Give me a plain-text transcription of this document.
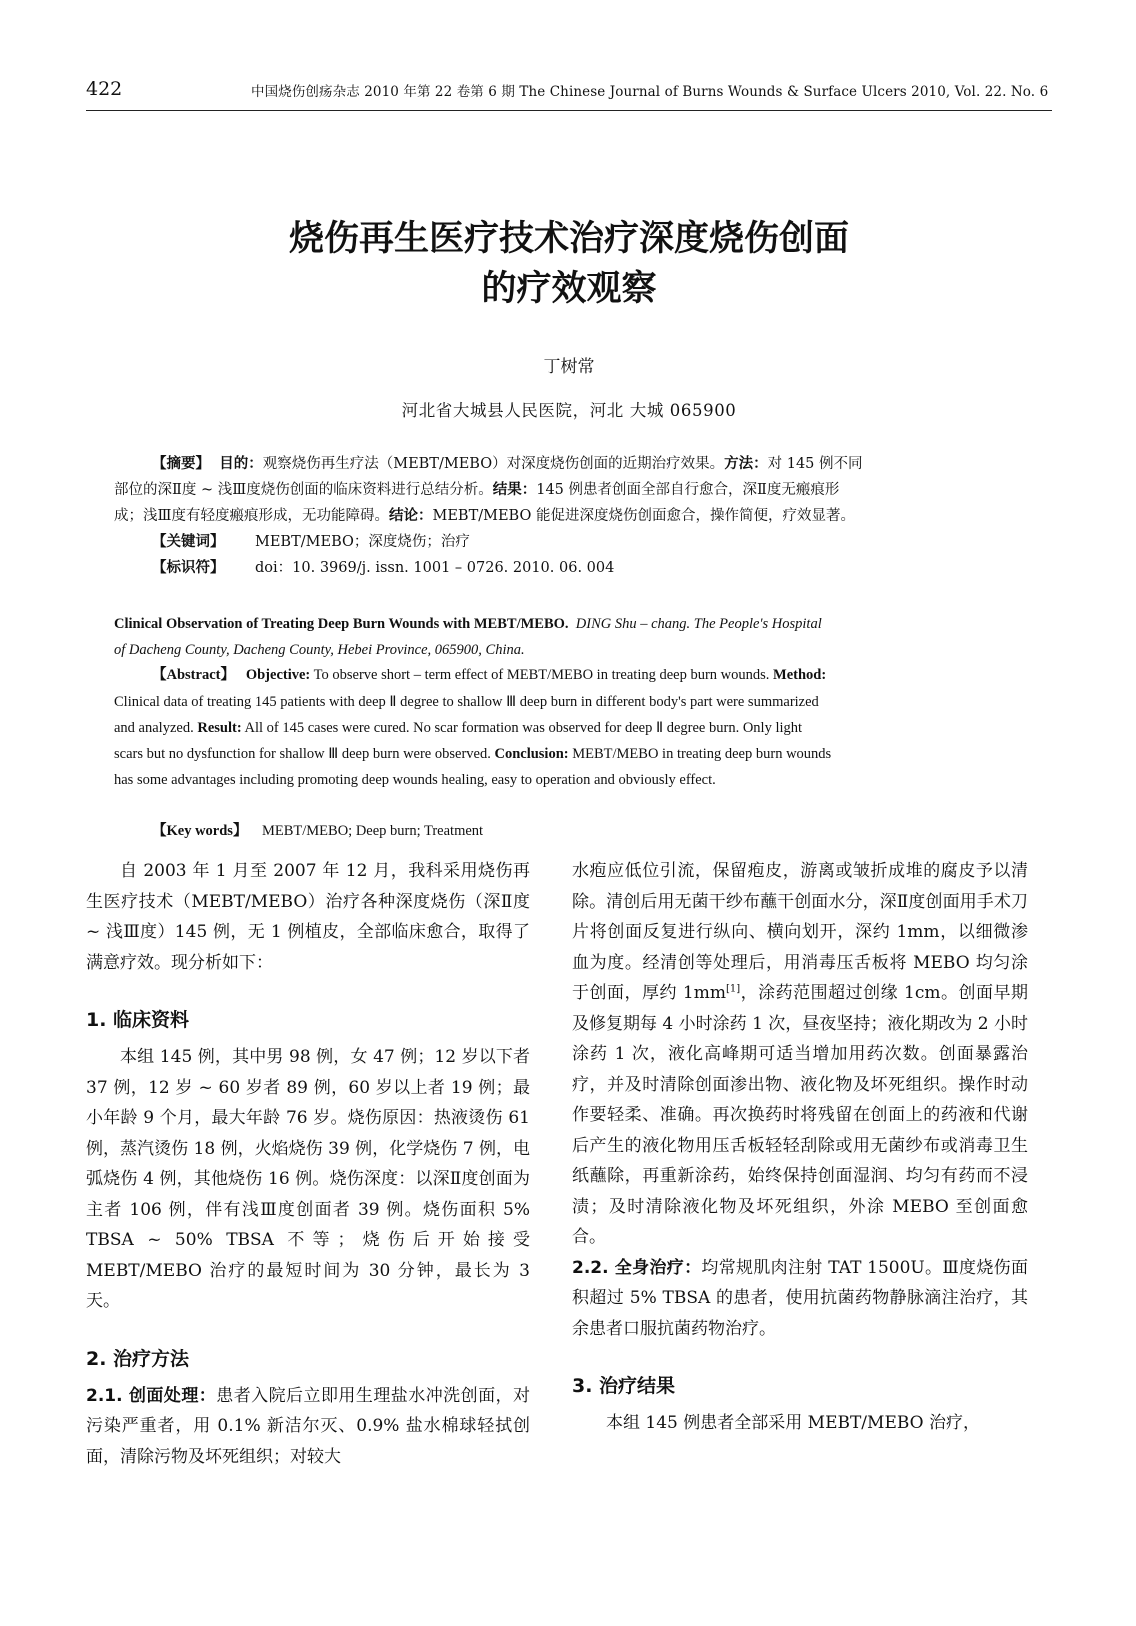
422	中国烧伤创疡杂志 2010 年第 22 卷第 6 期 The Chinese Journal of Burns Wounds & Surface Ulcers 2010, Vol. 22. No. 6
烧伤再生医疗技术治疗深度烧伤创面
的疗效观察
丁树常
河北省大城县人民医院，河北 大城 065900
【摘要】 目的：观察烧伤再生疗法（MEBT/MEBO）对深度烧伤创面的近期治疗效果。方法：对 145 例不同
部位的深Ⅱ度 ~ 浅Ⅲ度烧伤创面的临床资料进行总结分析。结果：145 例患者创面全部自行愈合，深Ⅱ度无瘢痕形
成；浅Ⅲ度有轻度瘢痕形成，无功能障碍。结论：MEBT/MEBO 能促进深度烧伤创面愈合，操作简便，疗效显著。
【关键词】 MEBT/MEBO；深度烧伤；治疗
【标识符】 doi：10. 3969/j. issn. 1001 – 0726. 2010. 06. 004
Clinical Observation of Treating Deep Burn Wounds with MEBT/MEBO. DING Shu – chang. The People's Hospital
of Dacheng County, Dacheng County, Hebei Province, 065900, China.
【Abstract】 Objective: To observe short – term effect of MEBT/MEBO in treating deep burn wounds. Method:
Clinical data of treating 145 patients with deep Ⅱ degree to shallow Ⅲ deep burn in different body's part were summarized
and analyzed. Result: All of 145 cases were cured. No scar formation was observed for deep Ⅱ degree burn. Only light
scars but no dysfunction for shallow Ⅲ deep burn were observed. Conclusion: MEBT/MEBO in treating deep burn wounds
has some advantages including promoting deep wounds healing, easy to operation and obviously effect.
【Key words】 MEBT/MEBO; Deep burn; Treatment

自 2003 年 1 月至 2007 年 12 月，我科采用烧伤再生医疗技术（MEBT/MEBO）治疗各种深度烧伤（深Ⅱ度 ~ 浅Ⅲ度）145 例，无 1 例植皮，全部临床愈合，取得了满意疗效。现分析如下：

1. 临床资料

本组 145 例，其中男 98 例，女 47 例；12 岁以下者 37 例，12 岁 ~ 60 岁者 89 例，60 岁以上者 19 例；最小年龄 9 个月，最大年龄 76 岁。烧伤原因：热液烫伤 61 例，蒸汽烫伤 18 例，火焰烧伤 39 例，化学烧伤 7 例，电弧烧伤 4 例，其他烧伤 16 例。烧伤深度：以深Ⅱ度创面为主者 106 例，伴有浅Ⅲ度创面者 39 例。烧伤面积 5% TBSA ~ 50% TBSA 不等；烧伤后开始接受 MEBT/MEBO 治疗的最短时间为 30 分钟，最长为 3 天。

2. 治疗方法

2.1. 创面处理：患者入院后立即用生理盐水冲洗创面，对污染严重者，用 0.1% 新洁尔灭、0.9% 盐水棉球轻拭创面，清除污物及坏死组织；对较大

水疱应低位引流，保留疱皮，游离或皱折成堆的腐皮予以清除。清创后用无菌干纱布蘸干创面水分，深Ⅱ度创面用手术刀片将创面反复进行纵向、横向划开，深约 1mm，以细微渗血为度。经清创等处理后，用消毒压舌板将 MEBO 均匀涂于创面，厚约 1mm[1]，涂药范围超过创缘 1cm。创面早期及修复期每 4 小时涂药 1 次，昼夜坚持；液化期改为 2 小时涂药 1 次，液化高峰期可适当增加用药次数。创面暴露治疗，并及时清除创面渗出物、液化物及坏死组织。操作时动作要轻柔、准确。再次换药时将残留在创面上的药液和代谢后产生的液化物用压舌板轻轻刮除或用无菌纱布或消毒卫生纸蘸除，再重新涂药，始终保持创面湿润、均匀有药而不浸渍；及时清除液化物及坏死组织，外涂 MEBO 至创面愈合。

2.2. 全身治疗：均常规肌肉注射 TAT 1500U。Ⅲ度烧伤面积超过 5% TBSA 的患者，使用抗菌药物静脉滴注治疗，其余患者口服抗菌药物治疗。

3. 治疗结果

本组 145 例患者全部采用 MEBT/MEBO 治疗，
